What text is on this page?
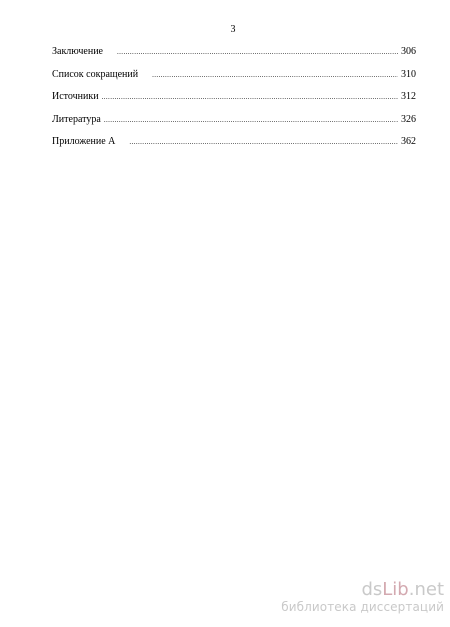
3
Заключение .....	306
Список сокращений .....	310
Источники .....	312
Литература .....	326
Приложение А .....	362
dsLib.net
библиотека диссертаций
